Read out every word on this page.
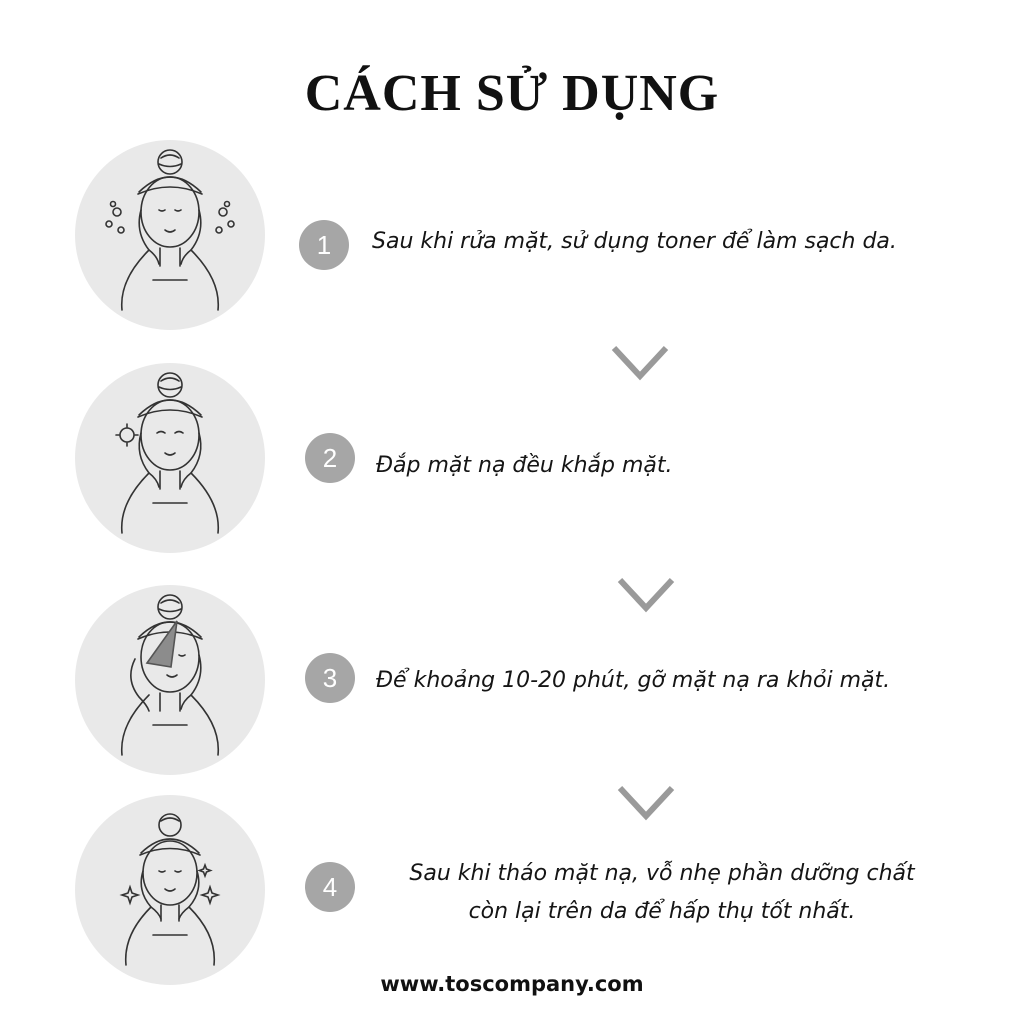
CÁCH SỬ DỤNG
1	Sau khi rửa mặt, sử dụng toner để làm sạch da.
2	Đắp mặt nạ đều khắp mặt.
3	Để khoảng 10-20 phút, gỡ mặt nạ ra khỏi mặt.
4	Sau khi tháo mặt nạ, vỗ nhẹ phần dưỡng chất
còn lại trên da để hấp thụ tốt nhất.
www.toscompany.com
